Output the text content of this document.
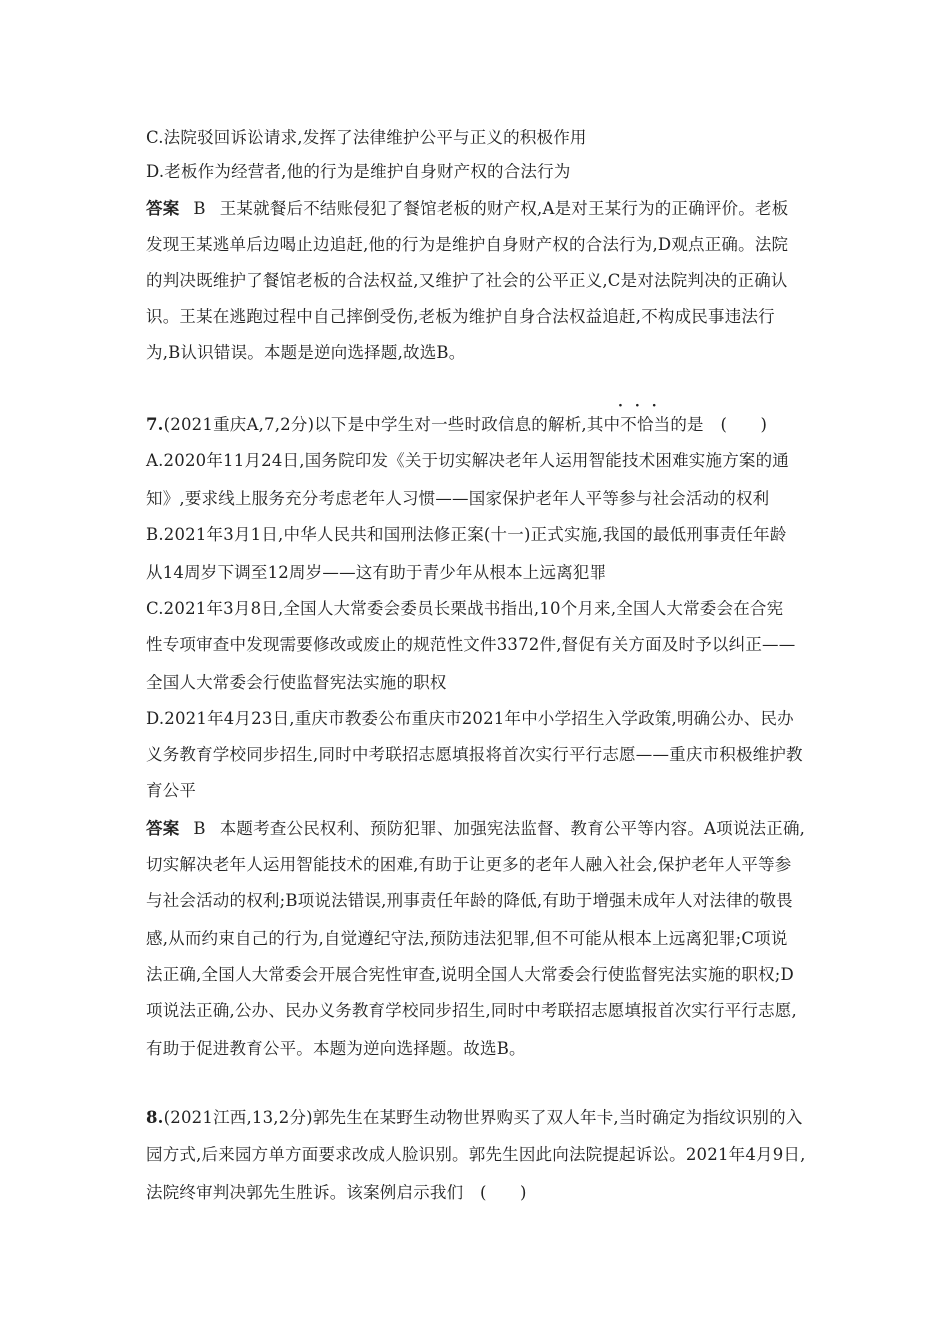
C.法院驳回诉讼请求,发挥了法律维护公平与正义的积极作用
D.老板作为经营者,他的行为是维护自身财产权的合法行为
答案 B 王某就餐后不结账侵犯了餐馆老板的财产权,A是对王某行为的正确评价。老板
发现王某逃单后边喝止边追赶,他的行为是维护自身财产权的合法行为,D观点正确。法院
的判决既维护了餐馆老板的合法权益,又维护了社会的公平正义,C是对法院判决的正确认
识。王某在逃跑过程中自己摔倒受伤,老板为维护自身合法权益追赶,不构成民事违法行
为,B认识错误。本题是逆向选择题,故选B。
···
7.(2021重庆A,7,2分)以下是中学生对一些时政信息的解析,其中不恰当的是　(　　)
A.2020年11月24日,国务院印发《关于切实解决老年人运用智能技术困难实施方案的通
知》,要求线上服务充分考虑老年人习惯——国家保护老年人平等参与社会活动的权利
B.2021年3月1日,中华人民共和国刑法修正案(十一)正式实施,我国的最低刑事责任年龄
从14周岁下调至12周岁——这有助于青少年从根本上远离犯罪
C.2021年3月8日,全国人大常委会委员长栗战书指出,10个月来,全国人大常委会在合宪
性专项审查中发现需要修改或废止的规范性文件3372件,督促有关方面及时予以纠正——
全国人大常委会行使监督宪法实施的职权
D.2021年4月23日,重庆市教委公布重庆市2021年中小学招生入学政策,明确公办、民办
义务教育学校同步招生,同时中考联招志愿填报将首次实行平行志愿——重庆市积极维护教
育公平
答案 B 本题考查公民权利、预防犯罪、加强宪法监督、教育公平等内容。A项说法正确,
切实解决老年人运用智能技术的困难,有助于让更多的老年人融入社会,保护老年人平等参
与社会活动的权利;B项说法错误,刑事责任年龄的降低,有助于增强未成年人对法律的敬畏
感,从而约束自己的行为,自觉遵纪守法,预防违法犯罪,但不可能从根本上远离犯罪;C项说
法正确,全国人大常委会开展合宪性审查,说明全国人大常委会行使监督宪法实施的职权;D
项说法正确,公办、民办义务教育学校同步招生,同时中考联招志愿填报首次实行平行志愿,
有助于促进教育公平。本题为逆向选择题。故选B。
8.(2021江西,13,2分)郭先生在某野生动物世界购买了双人年卡,当时确定为指纹识别的入
园方式,后来园方单方面要求改成人脸识别。郭先生因此向法院提起诉讼。2021年4月9日,
法院终审判决郭先生胜诉。该案例启示我们　(　　)
